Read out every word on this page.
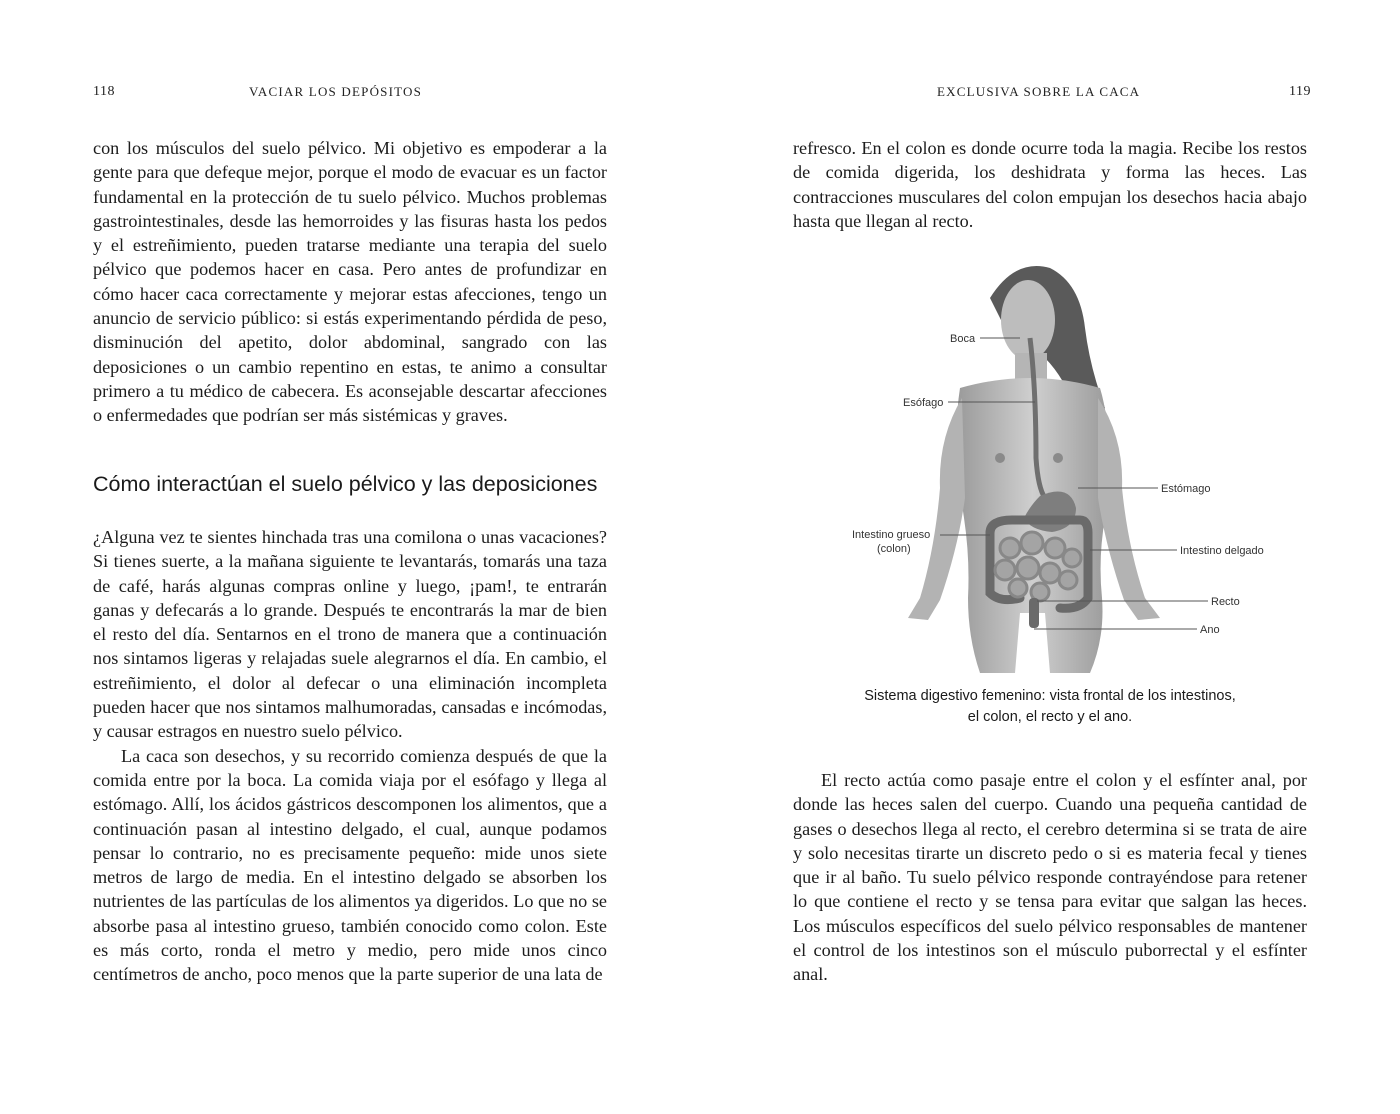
118	VACIAR LOS DEPÓSITOS

con los músculos del suelo pélvico. Mi objetivo es empoderar a la gente para que defeque mejor, porque el modo de evacuar es un factor fundamental en la protección de tu suelo pélvico. Muchos problemas gastrointestinales, desde las hemorroides y las fisuras hasta los pedos y el estreñimiento, pueden tratarse mediante una terapia del suelo pélvico que podemos hacer en casa. Pero antes de profundizar en cómo hacer caca correctamente y mejorar estas afecciones, tengo un anuncio de servicio público: si estás experimentando pérdida de peso, disminución del apetito, dolor abdominal, sangrado con las deposiciones o un cambio repentino en estas, te animo a consultar primero a tu médico de cabecera. Es aconsejable descartar afecciones o enfermedades que podrían ser más sistémicas y graves.

Cómo interactúan el suelo pélvico y las deposiciones

¿Alguna vez te sientes hinchada tras una comilona o unas vacaciones? Si tienes suerte, a la mañana siguiente te levantarás, tomarás una taza de café, harás algunas compras online y luego, ¡pam!, te entrarán ganas y defecarás a lo grande. Después te encontrarás la mar de bien el resto del día. Sentarnos en el trono de manera que a continuación nos sintamos ligeras y relajadas suele alegrarnos el día. En cambio, el estreñimiento, el dolor al defecar o una eliminación incompleta pueden hacer que nos sintamos malhumoradas, cansadas e incómodas, y causar estragos en nuestro suelo pélvico.

La caca son desechos, y su recorrido comienza después de que la comida entre por la boca. La comida viaja por el esófago y llega al estómago. Allí, los ácidos gástricos descomponen los alimentos, que a continuación pasan al intestino delgado, el cual, aunque podamos pensar lo contrario, no es precisamente pequeño: mide unos siete metros de largo de media. En el intestino delgado se absorben los nutrientes de las partículas de los alimentos ya digeridos. Lo que no se absorbe pasa al intestino grueso, también conocido como colon. Este es más corto, ronda el metro y medio, pero mide unos cinco centímetros de ancho, poco menos que la parte superior de una lata de

EXCLUSIVA SOBRE LA CACA	119

refresco. En el colon es donde ocurre toda la magia. Recibe los restos de comida digerida, los deshidrata y forma las heces. Las contracciones musculares del colon empujan los desechos hacia abajo hasta que llegan al recto.

Boca
Esófago
Estómago
Intestino grueso
(colon)	Intestino delgado
Recto
Ano
Sistema digestivo femenino: vista frontal de los intestinos,
el colon, el recto y el ano.

El recto actúa como pasaje entre el colon y el esfínter anal, por donde las heces salen del cuerpo. Cuando una pequeña cantidad de gases o desechos llega al recto, el cerebro determina si se trata de aire y solo necesitas tirarte un discreto pedo o si es materia fecal y tienes que ir al baño. Tu suelo pélvico responde contrayéndose para retener lo que contiene el recto y se tensa para evitar que salgan las heces. Los músculos específicos del suelo pélvico responsables de mantener el control de los intestinos son el músculo puborrectal y el esfínter anal.
